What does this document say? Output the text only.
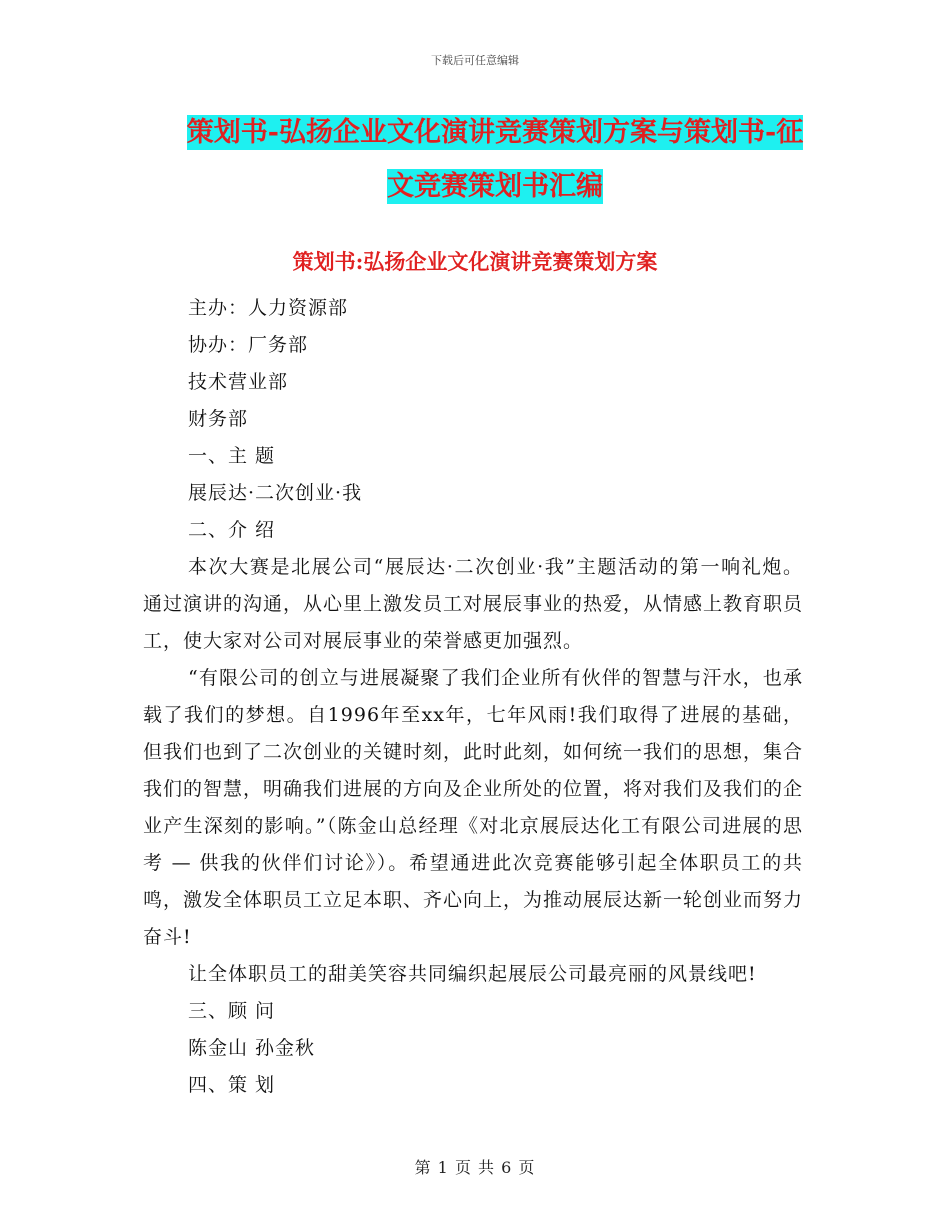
下载后可任意编辑
策划书-弘扬企业文化演讲竞赛策划方案与策划书-征
文竞赛策划书汇编
策划书:弘扬企业文化演讲竞赛策划方案
主办：人力资源部
协办：厂务部
技术营业部
财务部
一、主 题
展辰达·二次创业·我
二、介 绍
本次大赛是北展公司“展辰达·二次创业·我”主题活动的第一响礼炮。通过演讲的沟通，从心里上激发员工对展辰事业的热爱，从情感上教育职员工，使大家对公司对展辰事业的荣誉感更加强烈。
“有限公司的创立与进展凝聚了我们企业所有伙伴的智慧与汗水，也承载了我们的梦想。自1996年至xx年，七年风雨!我们取得了进展的基础，但我们也到了二次创业的关键时刻，此时此刻，如何统一我们的思想，集合我们的智慧，明确我们进展的方向及企业所处的位置，将对我们及我们的企业产生深刻的影响。”（陈金山总经理《对北京展辰达化工有限公司进展的思考 — 供我的伙伴们讨论》）。希望通进此次竞赛能够引起全体职员工的共鸣，激发全体职员工立足本职、齐心向上，为推动展辰达新一轮创业而努力奋斗!
让全体职员工的甜美笑容共同编织起展辰公司最亮丽的风景线吧!
三、顾 问
陈金山 孙金秋
四、策 划
第 1 页 共 6 页
